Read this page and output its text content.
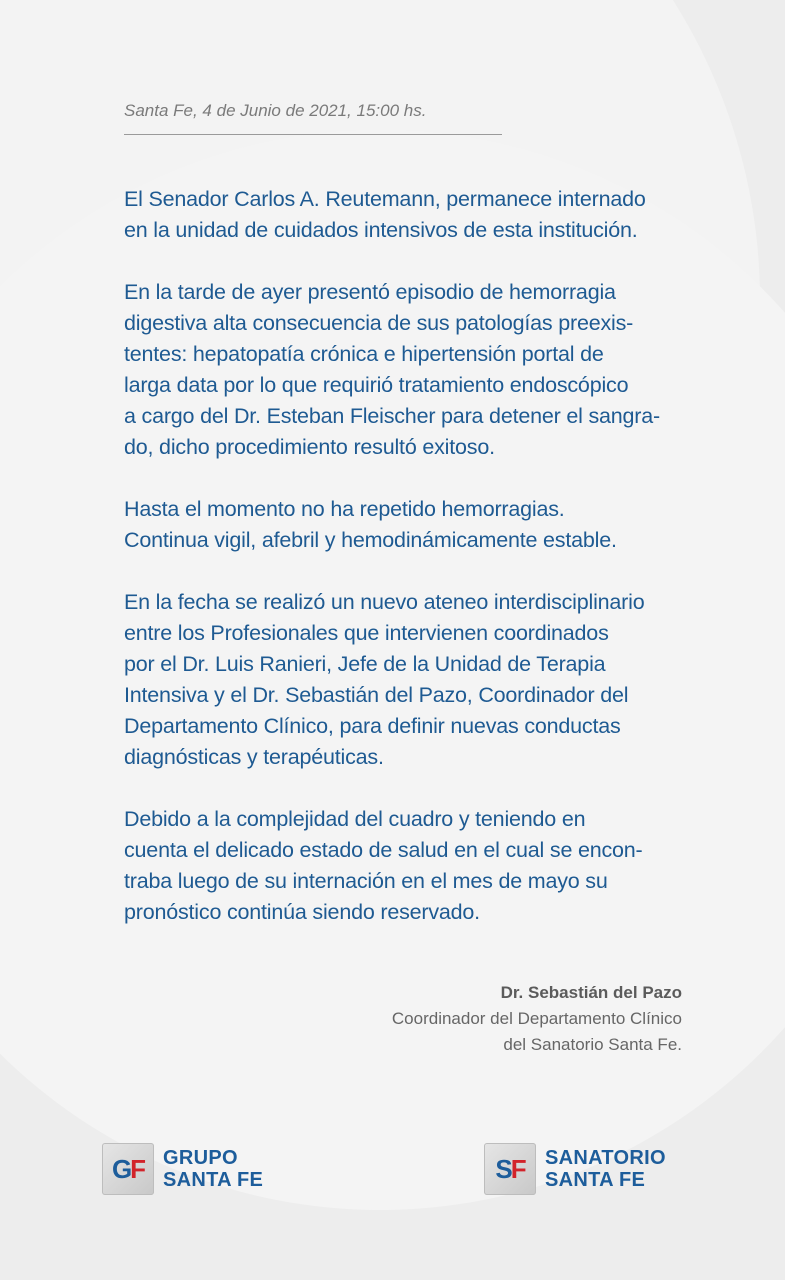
Santa Fe, 4 de Junio de 2021, 15:00 hs.

El Senador Carlos A. Reutemann, permanece internado
en la unidad de cuidados intensivos de esta institución.

En la tarde de ayer presentó episodio de hemorragia
digestiva alta consecuencia de sus patologías preexis-
tentes: hepatopatía crónica e hipertensión portal de
larga data por lo que requirió tratamiento endoscópico
a cargo del Dr. Esteban Fleischer para detener el sangra-
do, dicho procedimiento resultó exitoso.

Hasta el momento no ha repetido hemorragias.
Continua vigil, afebril y hemodinámicamente estable.

En la fecha se realizó un nuevo ateneo interdisciplinario
entre los Profesionales que intervienen coordinados
por el Dr. Luis Ranieri, Jefe de la Unidad de Terapia
Intensiva y el Dr. Sebastián del Pazo, Coordinador del
Departamento Clínico, para definir nuevas conductas
diagnósticas y terapéuticas.

Debido a la complejidad del cuadro y teniendo en
cuenta el delicado estado de salud en el cual se encon-
traba luego de su internación en el mes de mayo su
pronóstico continúa siendo reservado.

Dr. Sebastián del Pazo
Coordinador del Departamento Clínico
del Sanatorio Santa Fe.
G F GRUPO
SANTA FE	S F SANATORIO
SANTA FE
